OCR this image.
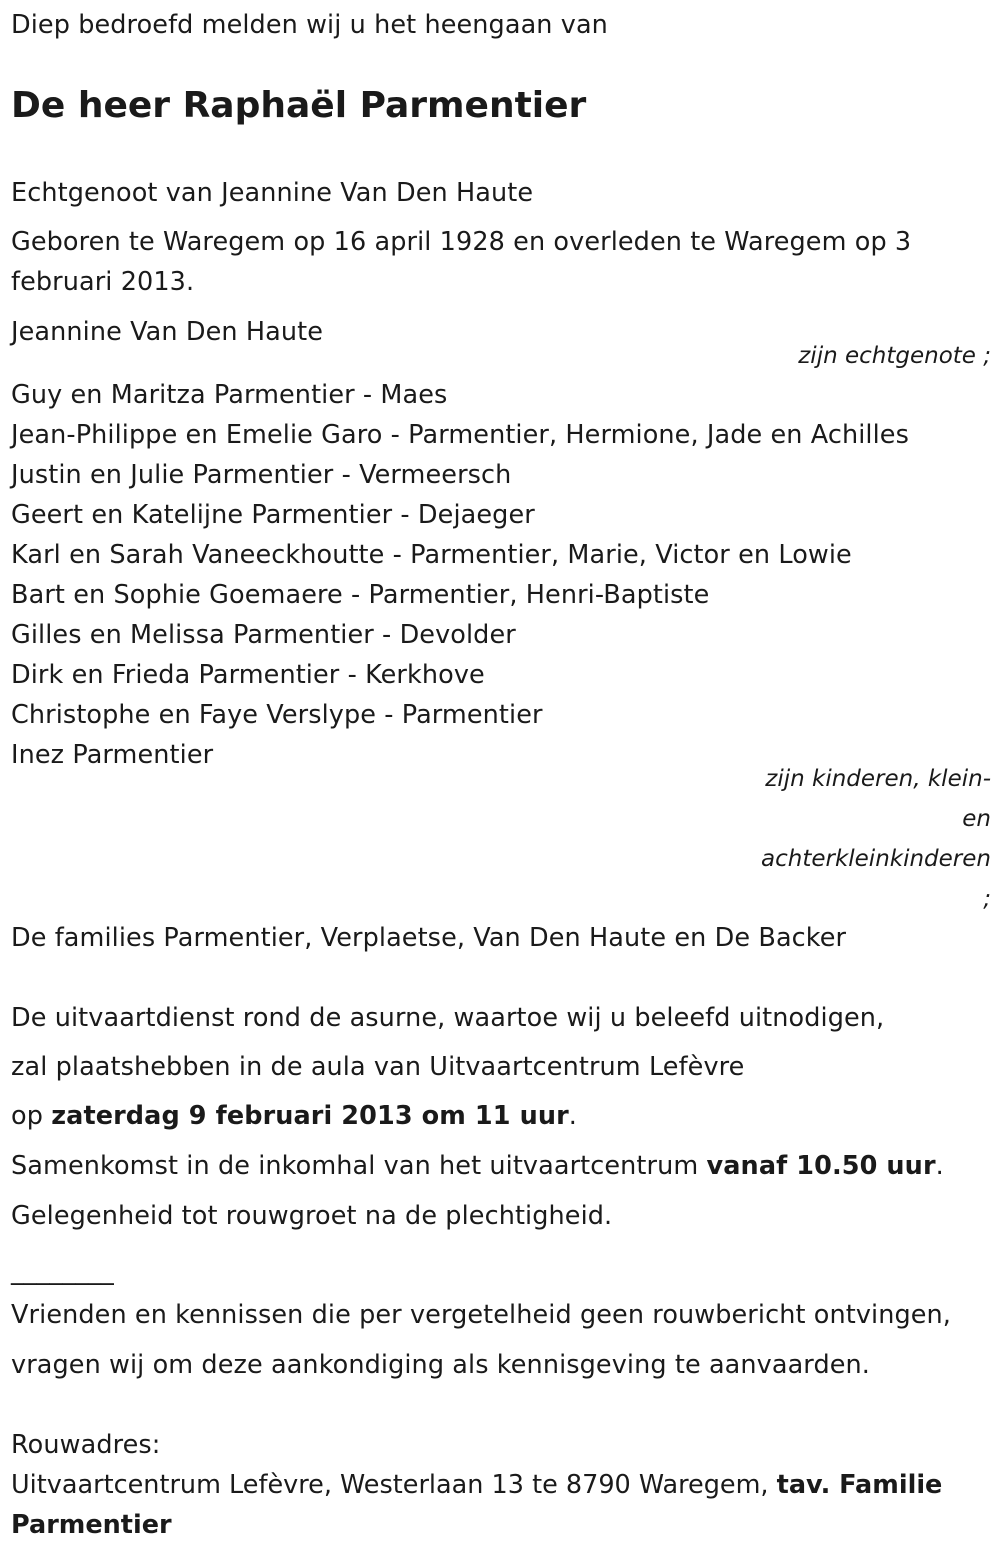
Diep bedroefd melden wij u het heengaan van
De heer Raphaël Parmentier
Echtgenoot van Jeannine Van Den Haute
Geboren te Waregem op 16 april 1928 en overleden te Waregem op 3
februari 2013.
Jeannine Van Den Haute
zijn echtgenote ;
Guy en Maritza Parmentier - Maes
Jean-Philippe en Emelie Garo - Parmentier, Hermione, Jade en Achilles
Justin en Julie Parmentier - Vermeersch
Geert en Katelijne Parmentier - Dejaeger
Karl en Sarah Vaneeckhoutte - Parmentier, Marie, Victor en Lowie
Bart en Sophie Goemaere - Parmentier, Henri-Baptiste
Gilles en Melissa Parmentier - Devolder
Dirk en Frieda Parmentier - Kerkhove
Christophe en Faye Verslype - Parmentier
Inez Parmentier
zijn kinderen, klein-
en
achterkleinkinderen
;
De families Parmentier, Verplaetse, Van Den Haute en De Backer
De uitvaartdienst rond de asurne, waartoe wij u beleefd uitnodigen,
zal plaatshebben in de aula van Uitvaartcentrum Lefèvre
op zaterdag 9 februari 2013 om 11 uur.
Samenkomst in de inkomhal van het uitvaartcentrum vanaf 10.50 uur.
Gelegenheid tot rouwgroet na de plechtigheid.
________
Vrienden en kennissen die per vergetelheid geen rouwbericht ontvingen,
vragen wij om deze aankondiging als kennisgeving te aanvaarden.
Rouwadres:
Uitvaartcentrum Lefèvre, Westerlaan 13 te 8790 Waregem, tav. Familie Parmentier
